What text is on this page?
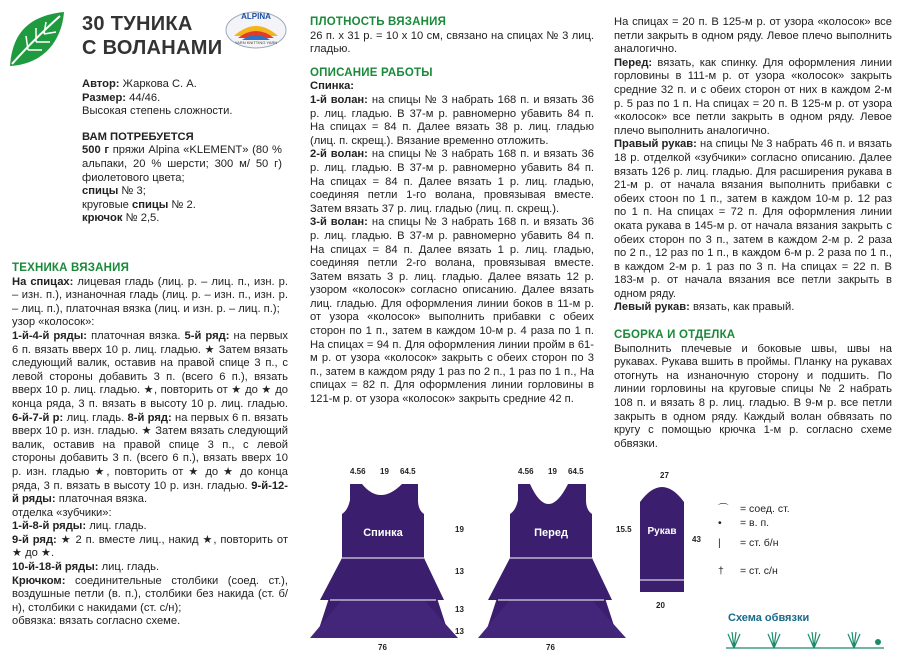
30 ТУНИКА
С ВОЛАНАМИ
ALPINA
YARN KNITTING YARN

Автор: Жаркова С. А.

Размер: 44/46.

Высокая степень сложности.

ВАМ ПОТРЕБУЕТСЯ

500 г пряжи Alpina «KLEMENT» (80 % альпаки, 20 % шерсти; 300 м/ 50 г) фиолетового цвета;

спицы № 3;

круговые спицы № 2.

крючок № 2,5.

ТЕХНИКА ВЯЗАНИЯ

На спицах: лицевая гладь (лиц. р. – лиц. п., изн. р. – изн. п.), изнаночная гладь (лиц. р. – изн. п., изн. р. – лиц. п.), платочная вязка (лиц. и изн. р. – лиц. п.);

узор «колосок»:

1-й-4-й ряды: платочная вязка. 5-й ряд: на первых 6 п. вязать вверх 10 р. лиц. гладью. ★ Затем вязать следующий валик, оставив на правой спице 3 п., с левой стороны добавить 3 п. (всего 6 п.), вязать вверх 10 р. лиц. гладью. ★, повторить от ★ до ★ до конца ряда, 3 п. вязать в высоту 10 р. лиц. гладью. 6-й-7-й р: лиц. гладь. 8-й ряд: на первых 6 п. вязать вверх 10 р. изн. гладью. ★ Затем вязать следующий валик, оставив на правой спице 3 п., с левой стороны добавить 3 п. (всего 6 п.), вязать вверх 10 р. изн. гладью ★, повторить от ★ до ★ до конца ряда, 3 п. вязать в высоту 10 р. изн. гладью. 9-й-12-й ряды: платочная вязка.

отделка «зубчики»:

1-й-8-й ряды: лиц. гладь.

9-й ряд: ★ 2 п. вместе лиц., накид ★, повторить от ★ до ★.

10-й-18-й ряды: лиц. гладь.

Крючком: соединительные столбики (соед. ст.), воздушные петли (в. п.), столбики без накида (ст. б/н), столбики с накидами (ст. с/н);

обвязка: вязать согласно схеме.

ПЛОТНОСТЬ ВЯЗАНИЯ

26 п. х 31 р. = 10 х 10 см, связано на спицах № 3 лиц. гладью.

ОПИСАНИЕ РАБОТЫ

Спинка:

1-й волан: на спицы № 3 набрать 168 п. и вязать 36 р. лиц. гладью. В 37-м р. равномерно убавить 84 п. На спицах = 84 п. Далее вязать 38 р. лиц. гладью (лиц. п. скрещ.). Вязание временно отложить.

2-й волан: на спицы № 3 набрать 168 п. и вязать 36 р. лиц. гладью. В 37-м р. равномерно убавить 84 п. На спицах = 84 п. Далее вязать 1 р. лиц. гладью, соединяя петли 1-го волана, провязывая вместе. Затем вязать 37 р. лиц. гладью (лиц. п. скрещ.).

3-й волан: на спицы № 3 набрать 168 п. и вязать 36 р. лиц. гладью. В 37-м р. равномерно убавить 84 п. На спицах = 84 п. Далее вязать 1 р. лиц. гладью, соединяя петли 2-го волана, провязывая вместе. Затем вязать 3 р. лиц. гладью. Далее вязать 12 р. узором «колосок» согласно описанию. Далее вязать лиц. гладью. Для оформления линии боков в 11-м р. от узора «колосок» выполнить прибавки с обеих сторон по 1 п., затем в каждом 10-м р. 4 раза по 1 п. На спицах = 94 п. Для оформления линии пройм в 61-м р. от узора «колосок» закрыть с обеих сторон по 3 п., затем в каждом ряду 1 раз по 2 п., 1 раз по 1 п., На спицах = 82 п. Для оформления линии горловины в 121-м р. от узора «колосок» закрыть средние 42 п.

На спицах = 20 п. В 125-м р. от узора «колосок» все петли закрыть в одном ряду. Левое плечо выполнить аналогично.

Перед: вязать, как спинку. Для оформления линии горловины в 111-м р. от узора «колосок» закрыть средние 32 п. и с обеих сторон от них в каждом 2-м р. 5 раз по 1 п. На спицах = 20 п. В 125-м р. от узора «колосок» все петли закрыть в одном ряду. Левое плечо выполнить аналогично.

Правый рукав: на спицы № 3 набрать 46 п. и вязать 18 р. отделкой «зубчики» согласно описанию. Далее вязать 126 р. лиц. гладью. Для расширения рукава в 21-м р. от начала вязания выполнить прибавки с обеих стоон по 1 п., затем в каждом 10-м р. 12 раз по 1 п. На спицах = 72 п. Для оформления линии оката рукава в 145-м р. от начала вязания закрыть с обеих сторон по 3 п., затем в каждом 2-м р. 2 раза по 2 п., 12 раз по 1 п., в каждом 6-м р. 2 раза по 1 п., в каждом 2-м р. 1 раз по 3 п. На спицах = 22 п. В 183-м р. от начала вязания все петли закрыть в одном ряду.

Левый рукав: вязать, как правый.

СБОРКА И ОТДЕЛКА

Выполнить плечевые и боковые швы, швы на рукавах. Рукава вшить в проймы. Планку на рукавах отогнуть на изнаночную сторону и подшить. По линии горловины на круговые спицы № 2 набрать 108 п. и вязать 8 р. лиц. гладью. В 9-м р. все петли закрыть в одном ряду. Каждый волан обвязать по кругу с помощью крючка 1-м р. согласно схеме обвязки.

Спинка	Перед	Рукав
4.56 19 64.5	4.56 19 64.5
19
13
13
13
15.5
27
43
20
76	76
⌒ = соед. ст.
• = в. п.
| = ст. б/н
† = ст. с/н
Схема обвязки
